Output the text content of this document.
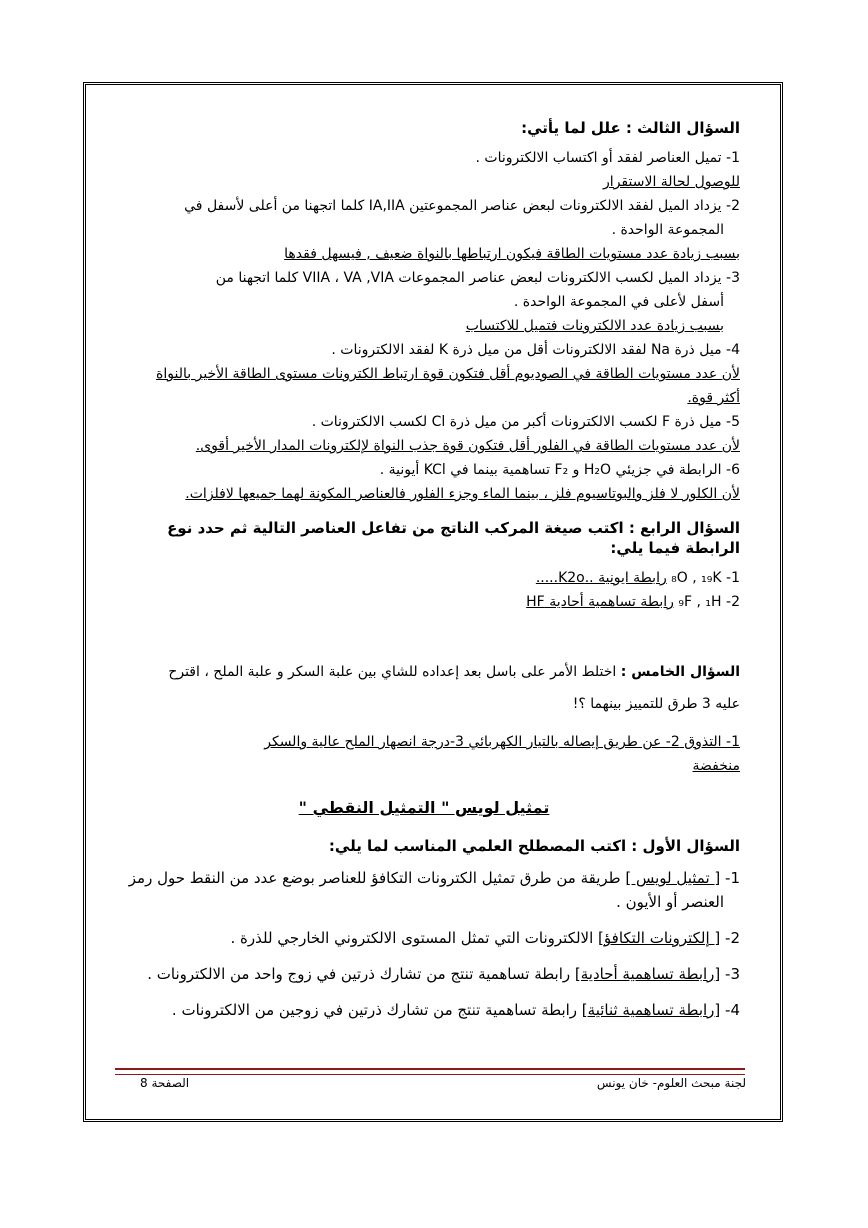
السؤال الثالث : علل لما يأتي:
1- تميل العناصر لفقد أو اكتساب الالكترونات .
للوصول لحالة الاستقرار
2- يزداد الميل لفقد الالكترونات لبعض عناصر المجموعتين IA,IIA كلما اتجهنا من أعلى لأسفل في
المجموعة الواحدة .
بسبب زيادة عدد مستويات الطاقة فيكون ارتباطها بالنواة ضعيف , فيسهل فقدها
3- يزداد الميل لكسب الالكترونات لبعض عناصر المجموعات VIIA ، VA ,VIA كلما اتجهنا من
أسفل لأعلى في المجموعة الواحدة .
بسبب زيادة عدد الالكترونات فتميل للاكتساب
4- ميل ذرة Na لفقد الالكترونات أقل من ميل ذرة K لفقد الالكترونات .
لأن عدد مستويات الطاقة في الصوديوم أقل فتكون قوة ارتباط الكترونات مستوى الطاقة الأخير بالنواة
أكثر قوة.
5- ميل ذرة F لكسب الالكترونات أكبر من ميل ذرة Cl لكسب الالكترونات .
لأن عدد مستويات الطاقة في الفلور أقل فتكون قوة جذب النواة لإلكترونات المدار الأخير أقوى.
6- الرابطة في جزيئي H₂O و F₂ تساهمية بينما في KCl أيونية .
لأن الكلور لا فلز والبوتاسيوم فلز ، بينما الماء وجزء الفلور فالعناصر المكونة لهما جميعها لافلزات.
السؤال الرابع : اكتب صيغة المركب الناتج من تفاعل العناصر التالية ثم حدد نوع الرابطة فيما يلي:
1- ₈O , ₁₉K رابطة ايونية ..K2o.....
2- ₉F , ₁H رابطة تساهمية أحادية HF
السؤال الخامس : اختلط الأمر على باسل بعد إعداده للشاي بين علبة السكر و علبة الملح ، اقترح
عليه 3 طرق للتمييز بينهما ؟!
1- التذوق 2- عن طريق إيصاله بالتيار الكهربائي 3-درجة انصهار الملح عالية والسكر
منخفضة
تمثيل لويس " التمثيل النقطي "
السؤال الأول : اكتب المصطلح العلمي المناسب لما يلي:
1- [ تمثيل لويس ] طريقة من طرق تمثيل الكترونات التكافؤ للعناصر بوضع عدد من النقط حول رمز
العنصر أو الأيون .
2- [ إلكترونات التكافؤ] الالكترونات التي تمثل المستوى الالكتروني الخارجي للذرة .
3- [رابطة تساهمية أحادية] رابطة تساهمية تنتج من تشارك ذرتين في زوج واحد من الالكترونات .
4- [رابطة تساهمية ثنائية] رابطة تساهمية تنتج من تشارك ذرتين في زوجين من الالكترونات .
لجنة مبحث العلوم- خان يونس
الصفحة 8
